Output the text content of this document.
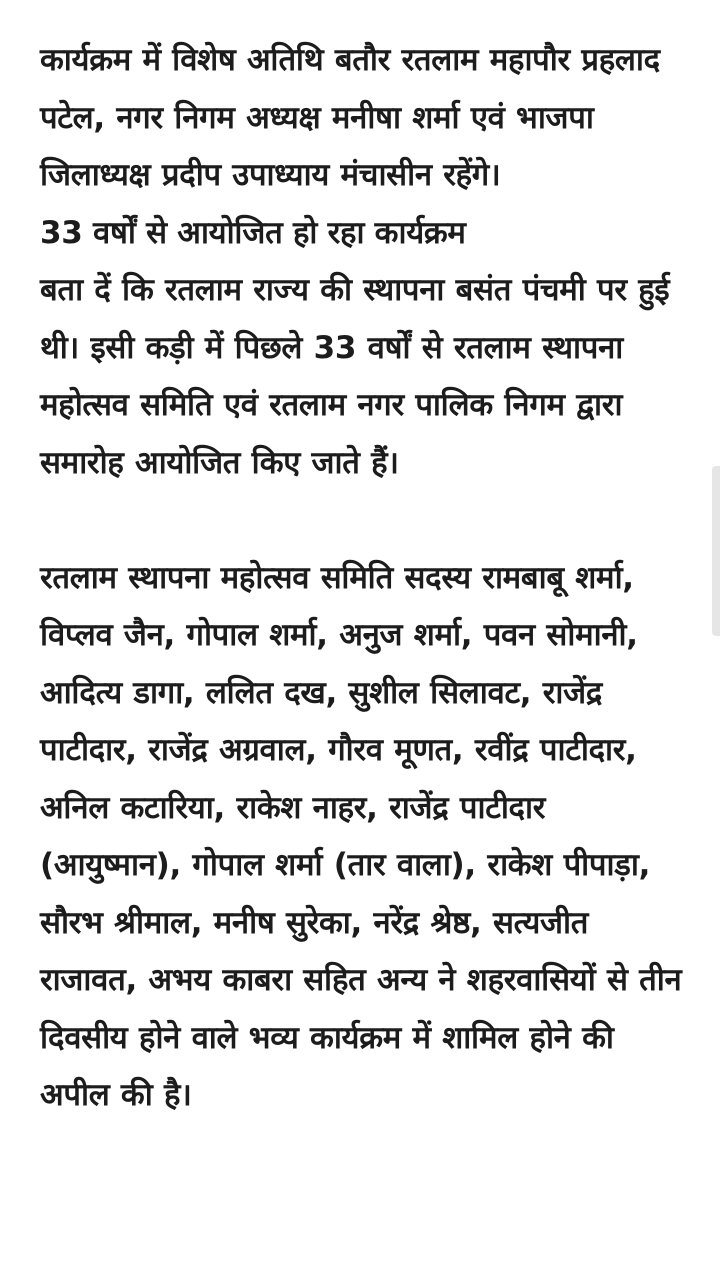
कार्यक्रम में विशेष अतिथि बतौर रतलाम महापौर प्रहलाद पटेल, नगर निगम अध्यक्ष मनीषा शर्मा एवं भाजपा जिलाध्यक्ष प्रदीप उपाध्याय मंचासीन रहेंगे।

33 वर्षों से आयोजित हो रहा कार्यक्रम

बता दें कि रतलाम राज्य की स्थापना बसंत पंचमी पर हुई थी। इसी कड़ी में पिछले 33 वर्षों से रतलाम स्थापना महोत्सव समिति एवं रतलाम नगर पालिक निगम द्वारा समारोह आयोजित किए जाते हैं।

रतलाम स्थापना महोत्सव समिति सदस्य रामबाबू शर्मा, विप्लव जैन, गोपाल शर्मा, अनुज शर्मा, पवन सोमानी, आदित्य डागा, ललित दख, सुशील सिलावट, राजेंद्र पाटीदार, राजेंद्र अग्रवाल, गौरव मूणत, रवींद्र पाटीदार, अनिल कटारिया, राकेश नाहर, राजेंद्र पाटीदार (आयुष्मान), गोपाल शर्मा (तार वाला), राकेश पीपाड़ा, सौरभ श्रीमाल, मनीष सुरेका, नरेंद्र श्रेष्ठ, सत्यजीत राजावत, अभय काबरा सहित अन्य ने शहरवासियों से तीन दिवसीय होने वाले भव्य कार्यक्रम में शामिल होने की अपील की है।
